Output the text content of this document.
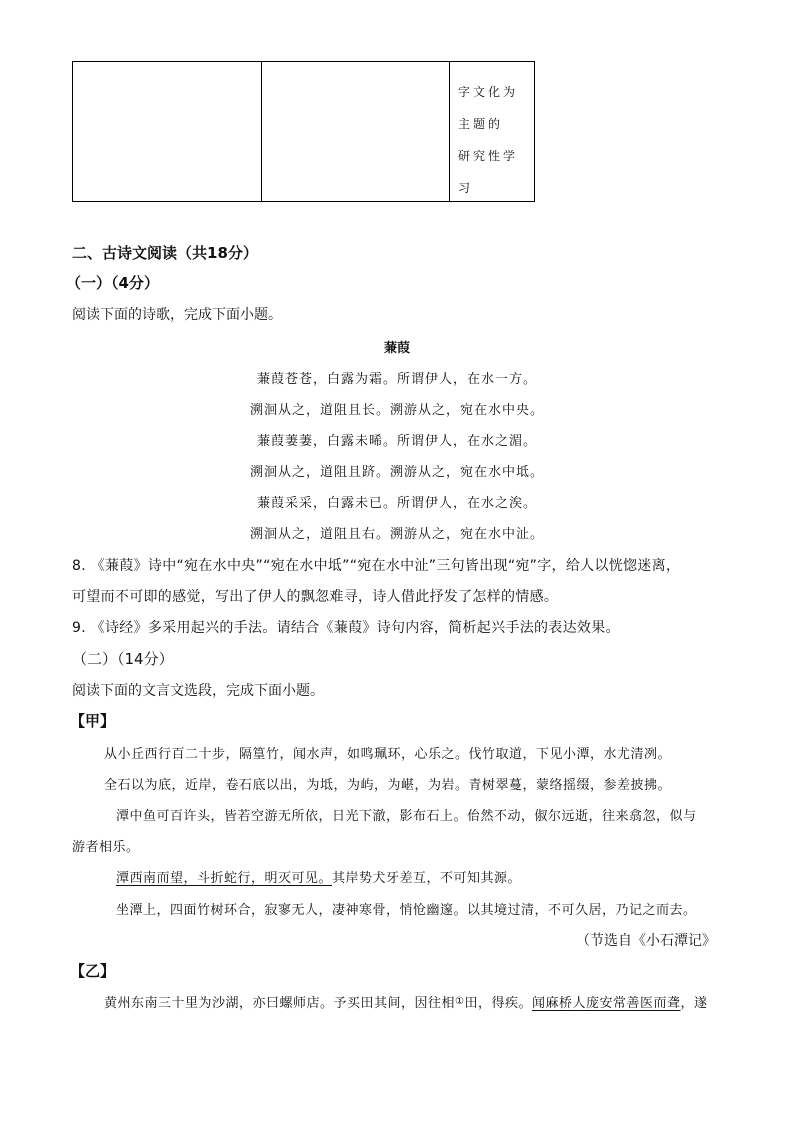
字文化为
主题的
研究性学
习
二、古诗文阅读（共18分）
（一）（4分）
阅读下面的诗歌，完成下面小题。
蒹葭
蒹葭苍苍，白露为霜。所谓伊人，在水一方。
溯洄从之，道阻且长。溯游从之，宛在水中央。
蒹葭萋萋，白露未晞。所谓伊人，在水之湄。
溯洄从之，道阻且跻。溯游从之，宛在水中坻。
蒹葭采采，白露未已。所谓伊人，在水之涘。
溯洄从之，道阻且右。溯游从之，宛在水中沚。
8. 《蒹葭》诗中“宛在水中央”“宛在水中坻”“宛在水中沚”三句皆出现“宛”字，给人以恍惚迷离，
可望而不可即的感觉，写出了伊人的飘忽难寻，诗人借此抒发了怎样的情感。
9. 《诗经》多采用起兴的手法。请结合《蒹葭》诗句内容，简析起兴手法的表达效果。
（二）（14分）
阅读下面的文言文选段，完成下面小题。
【甲】
从小丘西行百二十步，隔篁竹，闻水声，如鸣珮环，心乐之。伐竹取道，下见小潭，水尤清冽。
全石以为底，近岸，卷石底以出，为坻，为屿，为嵁，为岩。青树翠蔓，蒙络摇缀，参差披拂。
潭中鱼可百许头，皆若空游无所依，日光下澈，影布石上。佁然不动，俶尔远逝，往来翕忽，似与
游者相乐。
潭西南而望，斗折蛇行，明灭可见。其岸势犬牙差互，不可知其源。
坐潭上，四面竹树环合，寂寥无人，凄神寒骨，悄怆幽邃。以其境过清，不可久居，乃记之而去。
（节选自《小石潭记》
【乙】
黄州东南三十里为沙湖，亦曰螺师店。予买田其间，因往相①田，得疾。闻麻桥人庞安常善医而聋，遂
